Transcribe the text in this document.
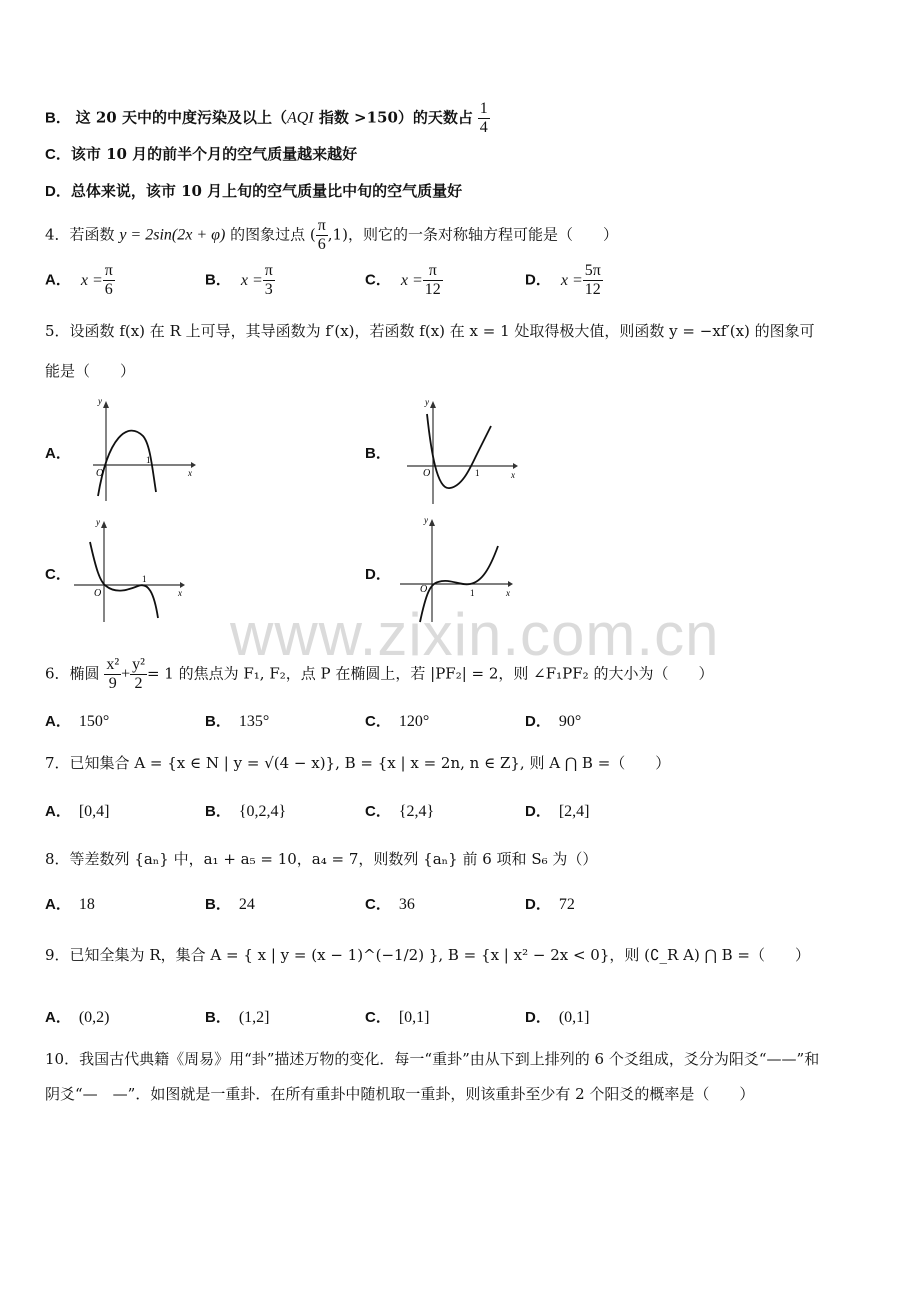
B． 这 20 天中的中度污染及以上（AQI 指数 >150）的天数占 $\frac{1}{4}$
C．该市 10 月的前半个月的空气质量越来越好
D．总体来说，该市 10 月上旬的空气质量比中旬的空气质量好
4．若函数 y = 2sin(2x + φ) 的图象过点 ( $\frac{\pi}{6} ,1$)，则它的一条对称轴方程可能是（　　）
A． $x = \frac{\pi}{6}$	B． $x = \frac{\pi}{3}$	C． $x = \frac{\pi}{12}$	D． $x = \frac{5\pi}{12}$
5．设函数 f(x) 在 R 上可导，其导函数为 f′(x)，若函数 f(x) 在 x = 1 处取得极大值，则函数 y = −xf′(x) 的图象可
能是（　　）
A．
y
x
O
1	B．
y
x
O	1
C．
y
x
O
1	D．
y
x
O	1
www.zixin.com.cn
6．椭圆 $\frac{\text{x²}}{9} + \frac{\text{y²}}{2} = 1$ 的焦点为 F₁, F₂，点 P 在椭圆上，若 |PF₂| = 2，则 ∠F₁PF₂ 的大小为（　　）
A． 150°	B． 135°	C． 120°	D． 90°
7．已知集合 A = {x ∈ N | y = √(4 − x)}, B = {x | x = 2n, n ∈ Z}, 则 A ⋂ B =（　　）
A． [0,4]	B． {0,2,4}	C． {2,4}	D． [2,4]
8．等差数列 {aₙ} 中，a₁ + a₅ = 10，a₄ = 7，则数列 {aₙ} 前 6 项和 S₆ 为（）
A． 18	B． 24	C． 36	D． 72
9．已知全集为 R，集合 A = { x | y = (x − 1)^(−1/2) }, B = {x | x² − 2x < 0}，则 (∁_R A) ⋂ B =（　　）
A． (0,2)	B． (1,2]	C． [0,1]	D． (0,1]
10．我国古代典籍《周易》用“卦”描述万物的变化．每一“重卦”由从下到上排列的 6 个爻组成，爻分为阳爻“——”和
阴爻“—　—”．如图就是一重卦．在所有重卦中随机取一重卦，则该重卦至少有 2 个阳爻的概率是（　　）
